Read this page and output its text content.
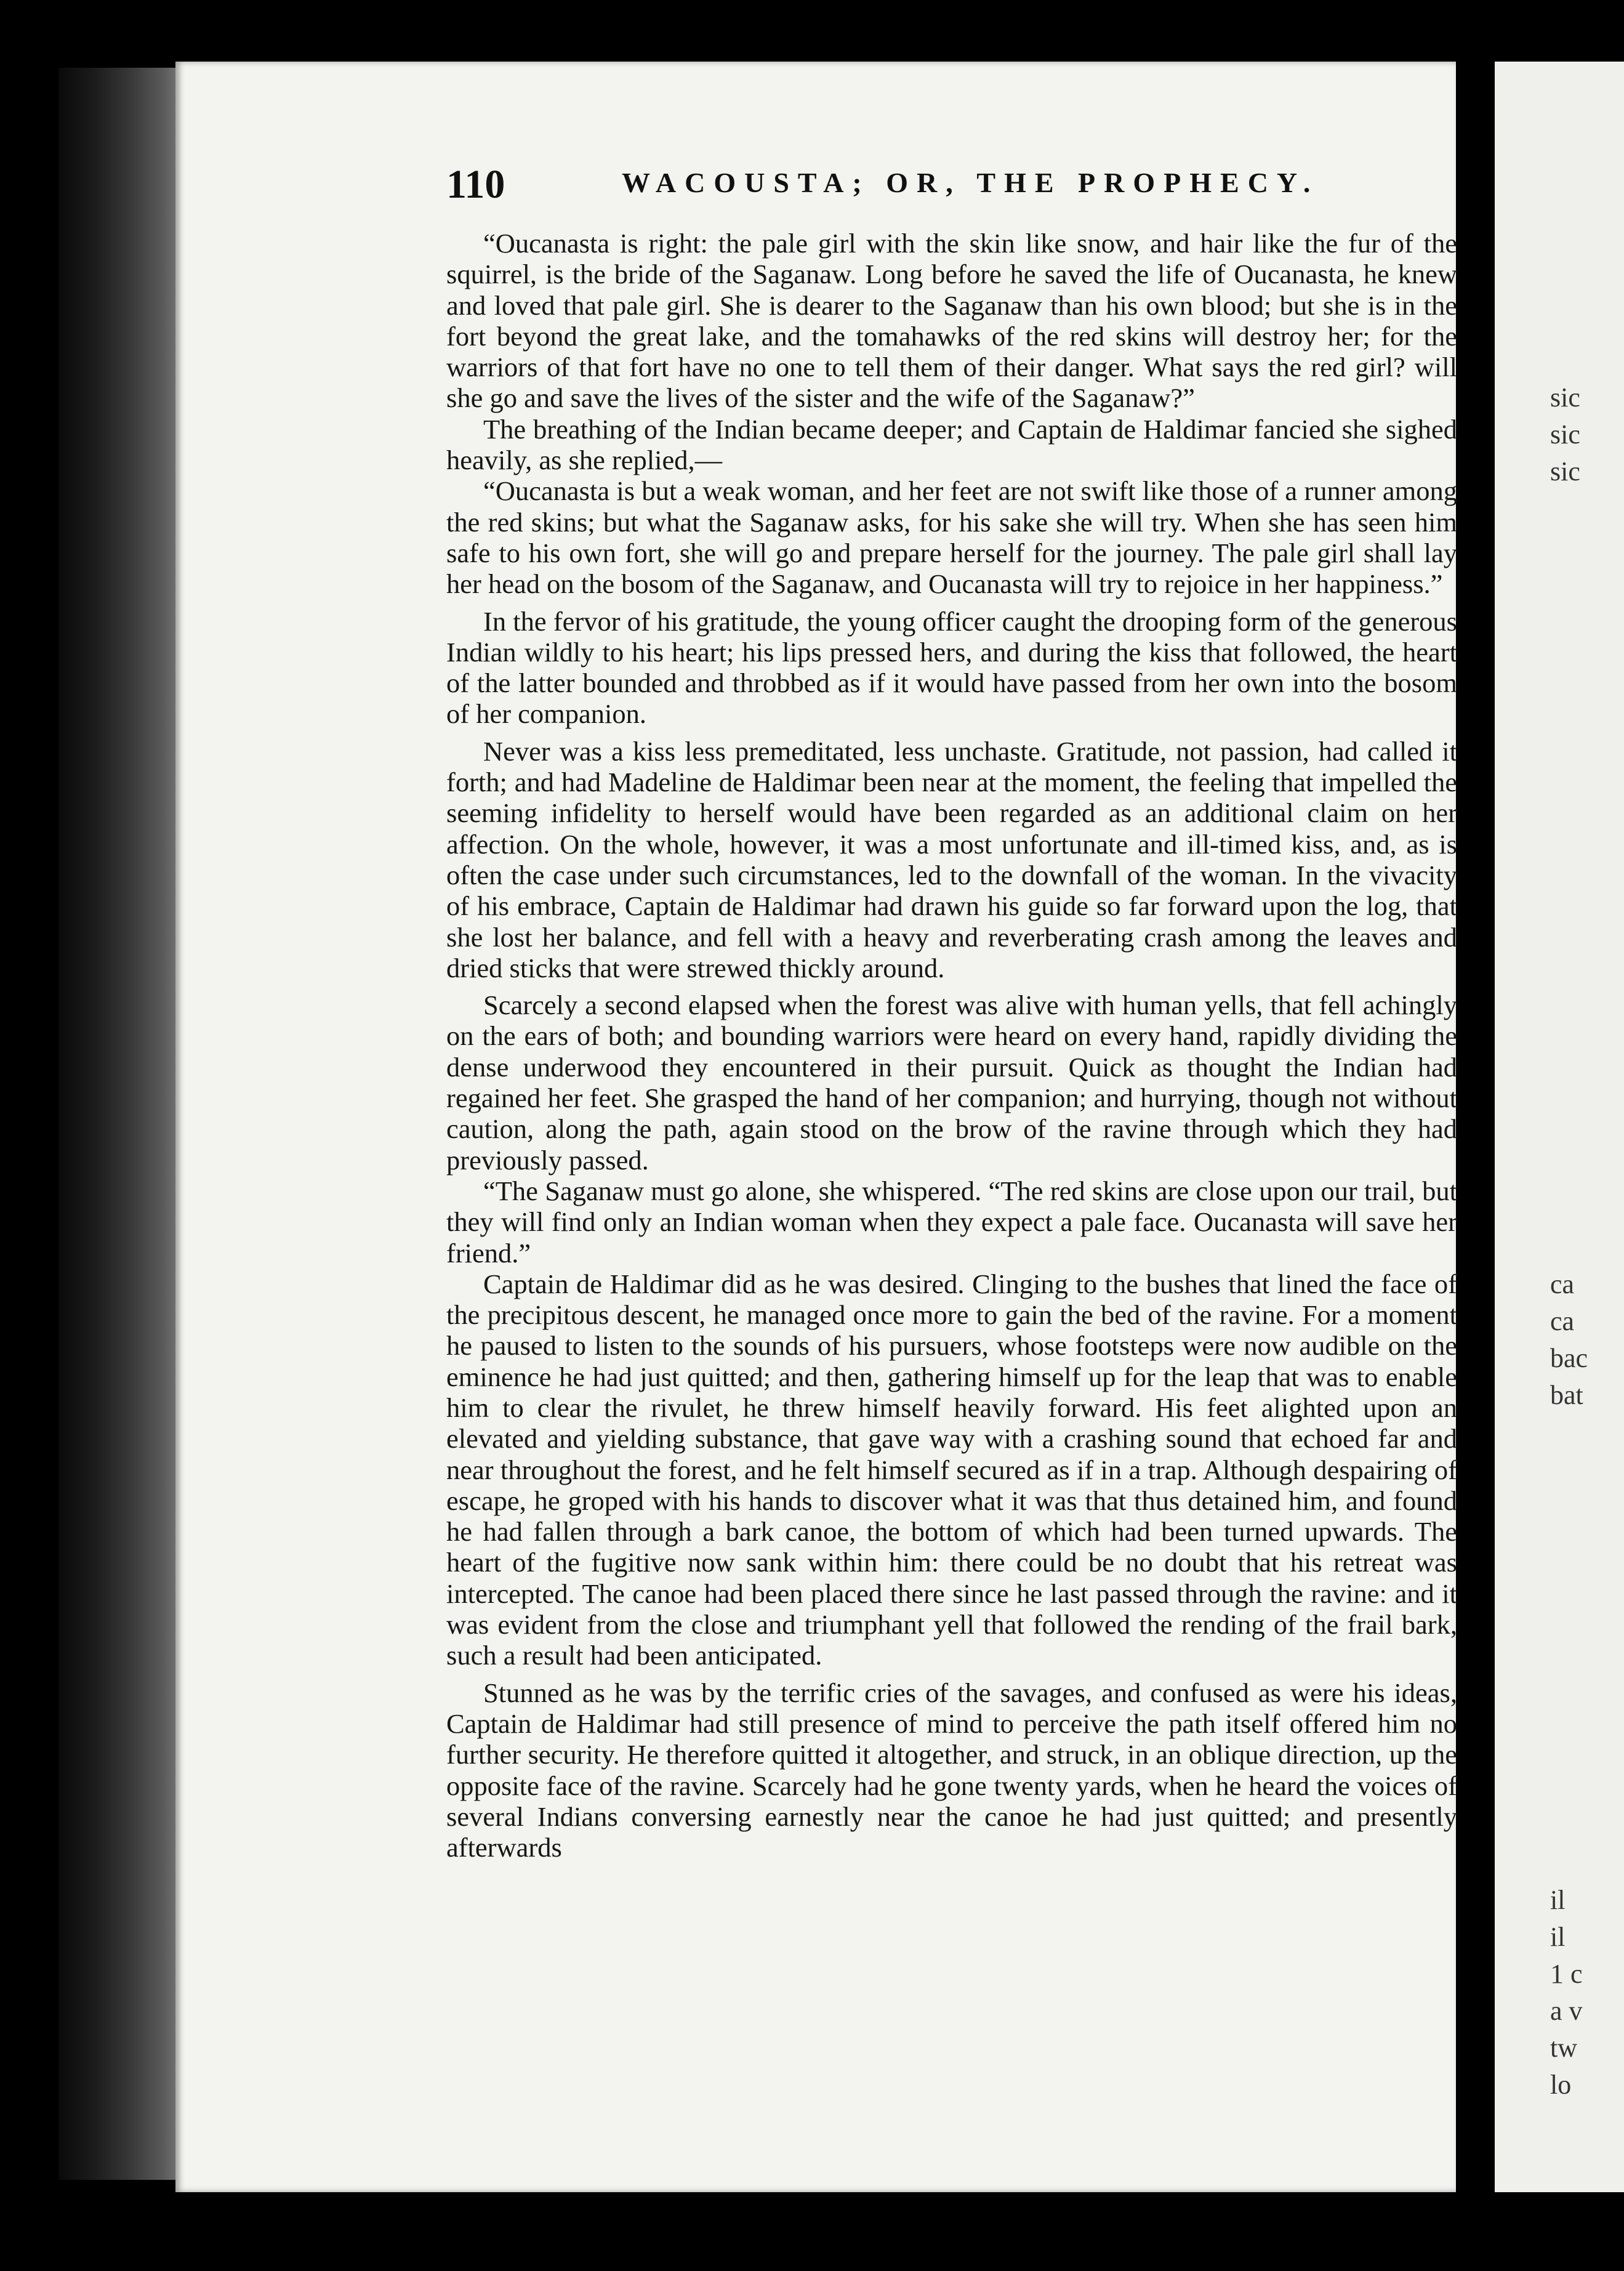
sic
sic
sic
ca
ca
bac
bat
il
il
1 c
a v
tw
lo
110	WACOUSTA; OR, THE PROPHECY.

“Oucanasta is right: the pale girl with the skin like snow, and hair like the fur of the squirrel, is the bride of the Saganaw. Long before he saved the life of Oucanasta, he knew and loved that pale girl. She is dearer to the Saganaw than his own blood; but she is in the fort beyond the great lake, and the tomahawks of the red skins will destroy her; for the warriors of that fort have no one to tell them of their danger. What says the red girl? will she go and save the lives of the sister and the wife of the Saganaw?”

The breathing of the Indian became deeper; and Captain de Haldimar fancied she sighed heavily, as she replied,—

“Oucanasta is but a weak woman, and her feet are not swift like those of a runner among the red skins; but what the Saganaw asks, for his sake she will try. When she has seen him safe to his own fort, she will go and prepare herself for the journey. The pale girl shall lay her head on the bosom of the Saganaw, and Oucanasta will try to rejoice in her happiness.”

In the fervor of his gratitude, the young officer caught the drooping form of the generous Indian wildly to his heart; his lips pressed hers, and during the kiss that followed, the heart of the latter bounded and throbbed as if it would have passed from her own into the bosom of her companion.

Never was a kiss less premeditated, less unchaste. Gratitude, not passion, had called it forth; and had Madeline de Haldimar been near at the moment, the feeling that impelled the seeming infidelity to herself would have been regarded as an additional claim on her affection. On the whole, however, it was a most unfortunate and ill-timed kiss, and, as is often the case under such circumstances, led to the downfall of the woman. In the vivacity of his embrace, Captain de Haldimar had drawn his guide so far forward upon the log, that she lost her balance, and fell with a heavy and reverberating crash among the leaves and dried sticks that were strewed thickly around.

Scarcely a second elapsed when the forest was alive with human yells, that fell achingly on the ears of both; and bounding warriors were heard on every hand, rapidly dividing the dense underwood they encountered in their pursuit. Quick as thought the Indian had regained her feet. She grasped the hand of her companion; and hurrying, though not without caution, along the path, again stood on the brow of the ravine through which they had previously passed.

“The Saganaw must go alone, she whispered. “The red skins are close upon our trail, but they will find only an Indian woman when they expect a pale face. Oucanasta will save her friend.”

Captain de Haldimar did as he was desired. Clinging to the bushes that lined the face of the precipitous descent, he managed once more to gain the bed of the ravine. For a moment he paused to listen to the sounds of his pursuers, whose footsteps were now audible on the eminence he had just quitted; and then, gathering himself up for the leap that was to enable him to clear the rivulet, he threw himself heavily forward. His feet alighted upon an elevated and yielding substance, that gave way with a crashing sound that echoed far and near throughout the forest, and he felt himself secured as if in a trap. Although despairing of escape, he groped with his hands to discover what it was that thus detained him, and found he had fallen through a bark canoe, the bottom of which had been turned upwards. The heart of the fugitive now sank within him: there could be no doubt that his retreat was intercepted. The canoe had been placed there since he last passed through the ravine: and it was evident from the close and triumphant yell that followed the rending of the frail bark, such a result had been anticipated.

Stunned as he was by the terrific cries of the savages, and confused as were his ideas, Captain de Haldimar had still presence of mind to perceive the path itself offered him no further security. He therefore quitted it altogether, and struck, in an oblique direction, up the opposite face of the ravine. Scarcely had he gone twenty yards, when he heard the voices of several Indians conversing earnestly near the canoe he had just quitted; and presently afterwards
